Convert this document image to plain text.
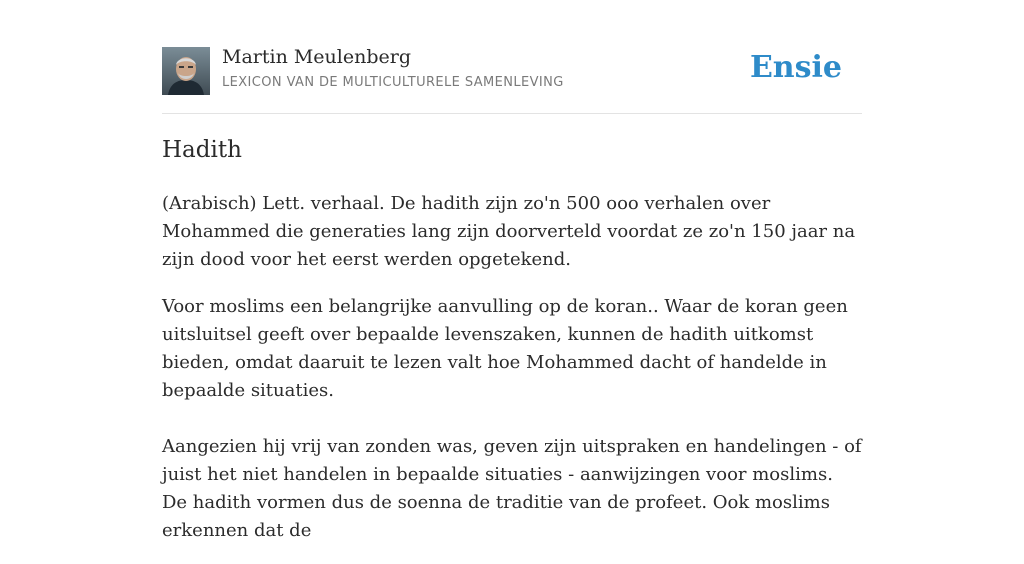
Martin Meulenberg
LEXICON VAN DE MULTICULTURELE SAMENLEVING	Ensie
Hadith

(Arabisch) Lett. verhaal. De hadith zijn zo'n 500 ooo verhalen over Mohammed die generaties lang zijn doorverteld voordat ze zo'n 150 jaar na zijn dood voor het eerst werden opgetekend.

Voor moslims een belangrijke aanvulling op de koran.. Waar de koran geen uitsluitsel geeft over bepaalde levenszaken, kunnen de hadith uitkomst bieden, omdat daaruit te lezen valt hoe Mohammed dacht of handelde in bepaalde situaties.

Aangezien hij vrij van zonden was, geven zijn uitspraken en handelingen - of juist het niet handelen in bepaalde situaties - aanwijzingen voor moslims. De hadith vormen dus de soenna de traditie van de profeet. Ook moslims erkennen dat de
